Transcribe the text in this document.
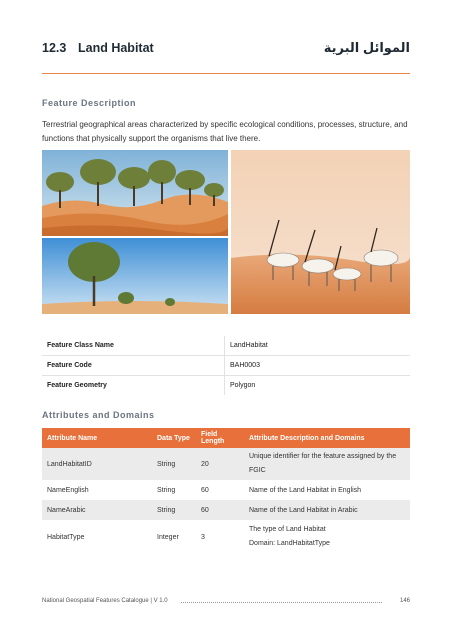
12.3 Land Habitat	الموائل البرية
Feature Description
Terrestrial geographical areas characterized by specific ecological conditions, processes, structure, and functions that physically support the organisms that live there.
Feature Class Name	LandHabitat
Feature Code	BAH0003
Feature Geometry	Polygon
Attributes and Domains
Attribute Name	Data Type	Field Length	Attribute Description and Domains
LandHabitatID	String	20	Unique identifier for the feature assigned by the
FGIC

NameEnglish	String	60	Name of the Land Habitat in English
NameArabic	String	60	Name of the Land Habitat in Arabic
HabitatType	Integer	3	The type of Land Habitat
Domain: LandHabitatType
National Geospatial Features Catalogue | V 1.0	146
